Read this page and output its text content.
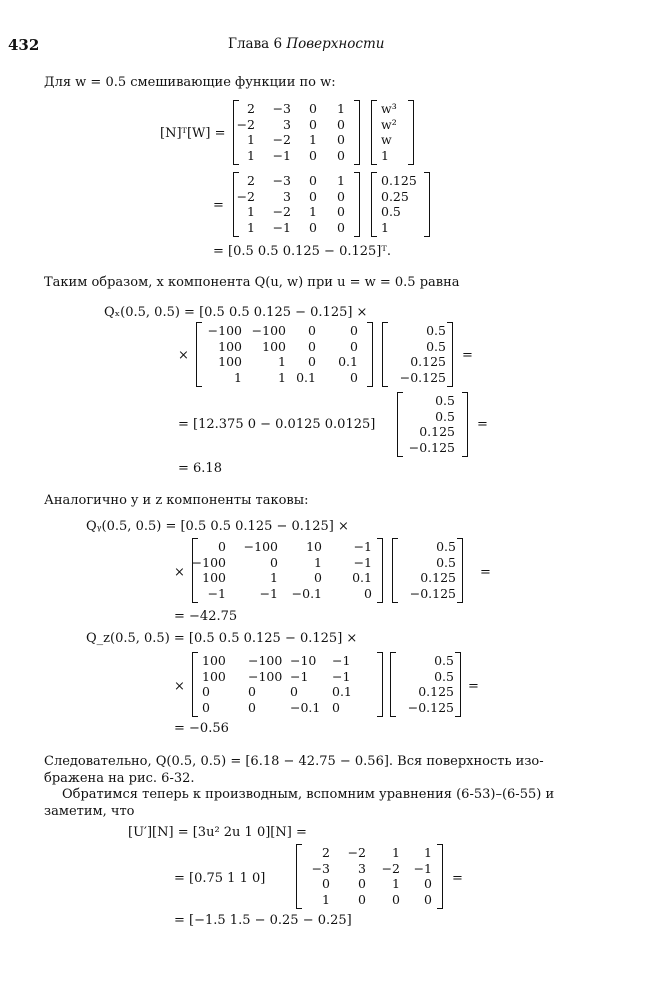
432	Глава 6 Поверхности
Для w = 0.5 смешивающие функции по w:
[N]ᵀ[W] =
2 −3 0 1
−2 3 0 0
1 −2 1 0
1 −1 0 0
w³
w²
w
1
=
2 −3 0 1
−2 3 0 0
1 −2 1 0
1 −1 0 0
0.125
0.25
0.5
1
= [0.5 0.5 0.125 − 0.125]ᵀ.
Таким образом, x компонента Q(u, w) при u = w = 0.5 равна
Qₓ(0.5, 0.5) = [0.5 0.5 0.125 − 0.125] ×
×
−100 −100 0	0
100 100 0	0
100	1 0 0.1
1	1 0.1	0
0.5
0.5
0.125
−0.125
=
= [12.375 0 − 0.0125 0.0125]
0.5
0.5
0.125
−0.125
=
= 6.18
Аналогично y и z компоненты таковы:
Qᵧ(0.5, 0.5) = [0.5 0.5 0.125 − 0.125] ×
×
0 −100 10	−1
−100	0	1	−1
100	1	0 0.1
−1	−1 −0.1	0
0.5
0.5
0.125
−0.125
=
= −42.75
Q_z(0.5, 0.5) = [0.5 0.5 0.125 − 0.125] ×
×
100 −100 −10 −1
100 −100 −1 −1
0	0	0	0.1
0	0	−0.1 0
0.5
0.5
0.125
−0.125
=
= −0.56
Следовательно, Q(0.5, 0.5) = [6.18 − 42.75 − 0.56]. Вся поверхность изо-
бражена на рис. 6-32.
Обратимся теперь к производным, вспомним уравнения (6-53)–(6-55) и
заметим, что
[U′][N] = [3u² 2u 1 0][N] =
= [0.75 1 1 0]
2 −2 1 1
−3 3 −2 −1
0 0 1 0
1 0 0 0
=
= [−1.5 1.5 − 0.25 − 0.25]
